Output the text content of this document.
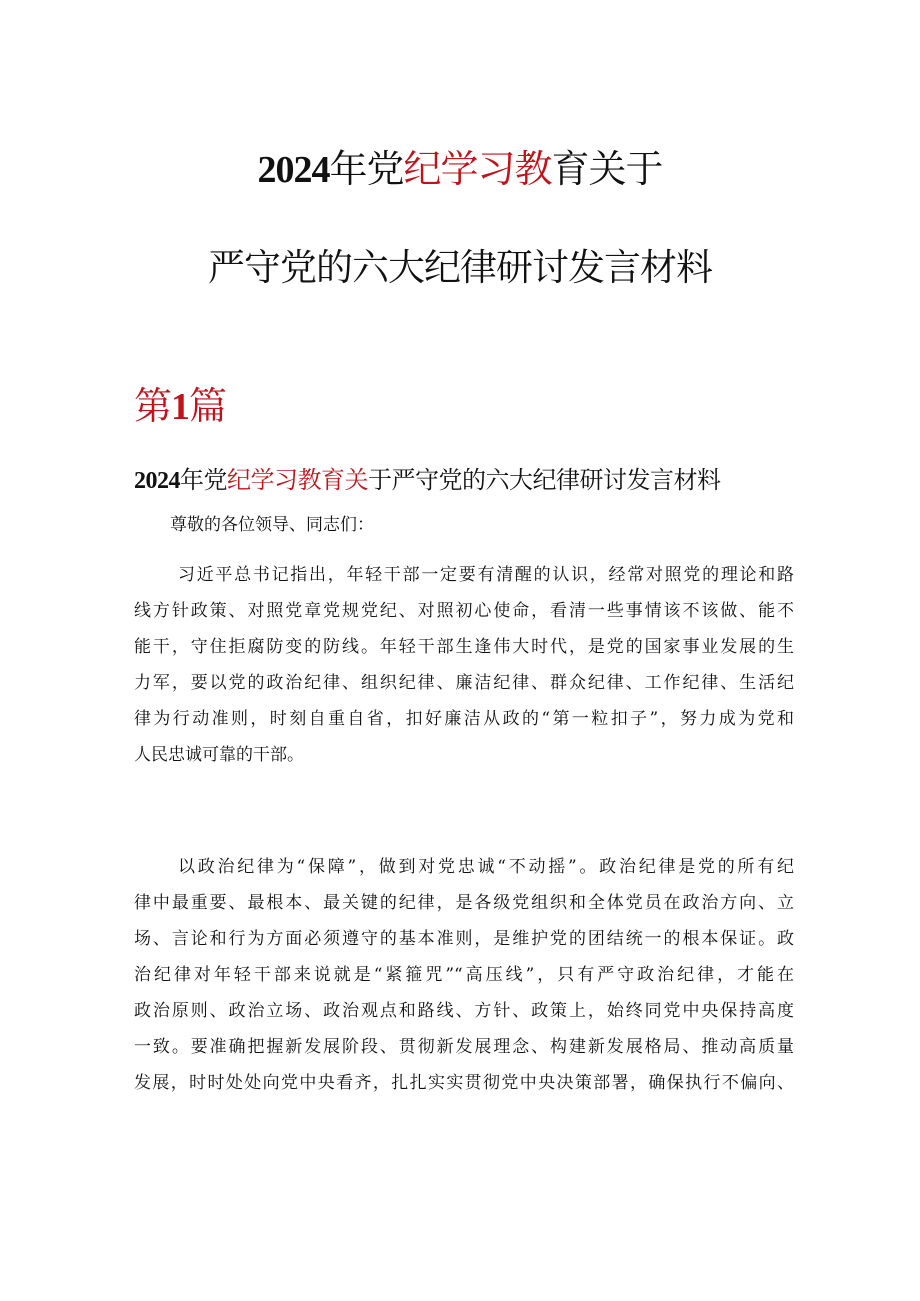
2024年党纪学习教育关于
严守党的六大纪律研讨发言材料
第1篇
2024年党纪学习教育关于严守党的六大纪律研讨发言材料
尊敬的各位领导、同志们：
习近平总书记指出，年轻干部一定要有清醒的认识，经常对照党的理论和路
线方针政策、对照党章党规党纪、对照初心使命，看清一些事情该不该做、能不
能干，守住拒腐防变的防线。年轻干部生逢伟大时代，是党的国家事业发展的生
力军，要以党的政治纪律、组织纪律、廉洁纪律、群众纪律、工作纪律、生活纪
律为行动准则，时刻自重自省，扣好廉洁从政的“第一粒扣子”，努力成为党和
人民忠诚可靠的干部。
以政治纪律为“保障”，做到对党忠诚“不动摇”。政治纪律是党的所有纪
律中最重要、最根本、最关键的纪律，是各级党组织和全体党员在政治方向、立
场、言论和行为方面必须遵守的基本准则，是维护党的团结统一的根本保证。政
治纪律对年轻干部来说就是“紧箍咒”“高压线”，只有严守政治纪律，才能在
政治原则、政治立场、政治观点和路线、方针、政策上，始终同党中央保持高度
一致。要准确把握新发展阶段、贯彻新发展理念、构建新发展格局、推动高质量
发展，时时处处向党中央看齐，扎扎实实贯彻党中央决策部署，确保执行不偏向、
